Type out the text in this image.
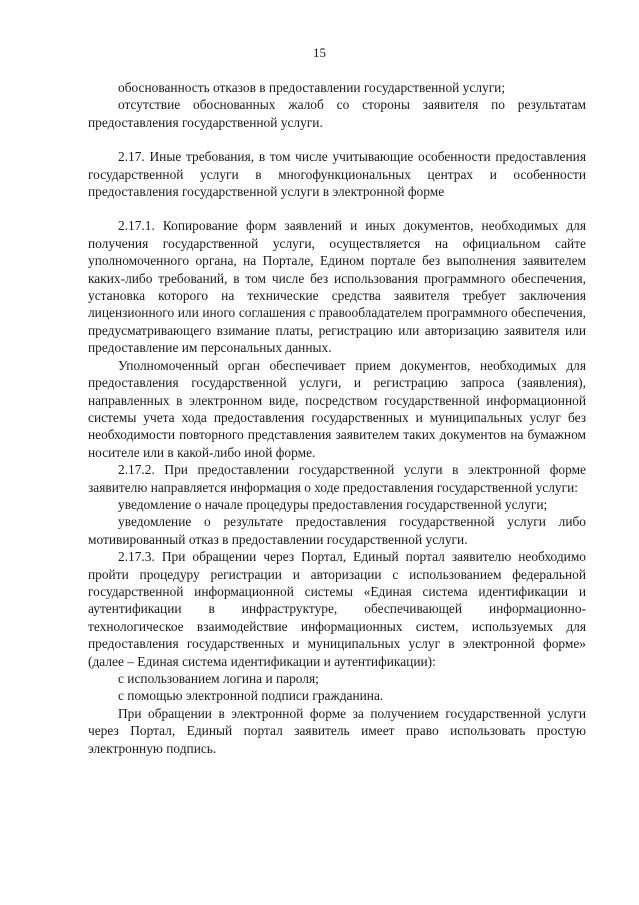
15

обоснованность отказов в предоставлении государственной услуги;

отсутствие обоснованных жалоб со стороны заявителя по результатам предоставления государственной услуги.

2.17. Иные требования, в том числе учитывающие особенности предоставления государственной услуги в многофункциональных центрах и особенности предоставления государственной услуги в электронной форме

2.17.1. Копирование форм заявлений и иных документов, необходимых для получения государственной услуги, осуществляется на официальном сайте уполномоченного органа, на Портале, Едином портале без выполнения заявителем каких-либо требований, в том числе без использования программного обеспечения, установка которого на технические средства заявителя требует заключения лицензионного или иного соглашения с правообладателем программного обеспечения, предусматривающего взимание платы, регистрацию или авторизацию заявителя или предоставление им персональных данных.

Уполномоченный орган обеспечивает прием документов, необходимых для предоставления государственной услуги, и регистрацию запроса (заявления), направленных в электронном виде, посредством государственной информационной системы учета хода предоставления государственных и муниципальных услуг без необходимости повторного представления заявителем таких документов на бумажном носителе или в какой-либо иной форме.

2.17.2. При предоставлении государственной услуги в электронной форме заявителю направляется информация о ходе предоставления государственной услуги:

уведомление о начале процедуры предоставления государственной услуги;

уведомление о результате предоставления государственной услуги либо мотивированный отказ в предоставлении государственной услуги.

2.17.3. При обращении через Портал, Единый портал заявителю необходимо пройти процедуру регистрации и авторизации с использованием федеральной государственной информационной системы «Единая система идентификации и аутентификации в инфраструктуре, обеспечивающей информационно-технологическое взаимодействие информационных систем, используемых для предоставления государственных и муниципальных услуг в электронной форме» (далее – Единая система идентификации и аутентификации):

с использованием логина и пароля;

с помощью электронной подписи гражданина.

При обращении в электронной форме за получением государственной услуги через Портал, Единый портал заявитель имеет право использовать простую электронную подпись.
